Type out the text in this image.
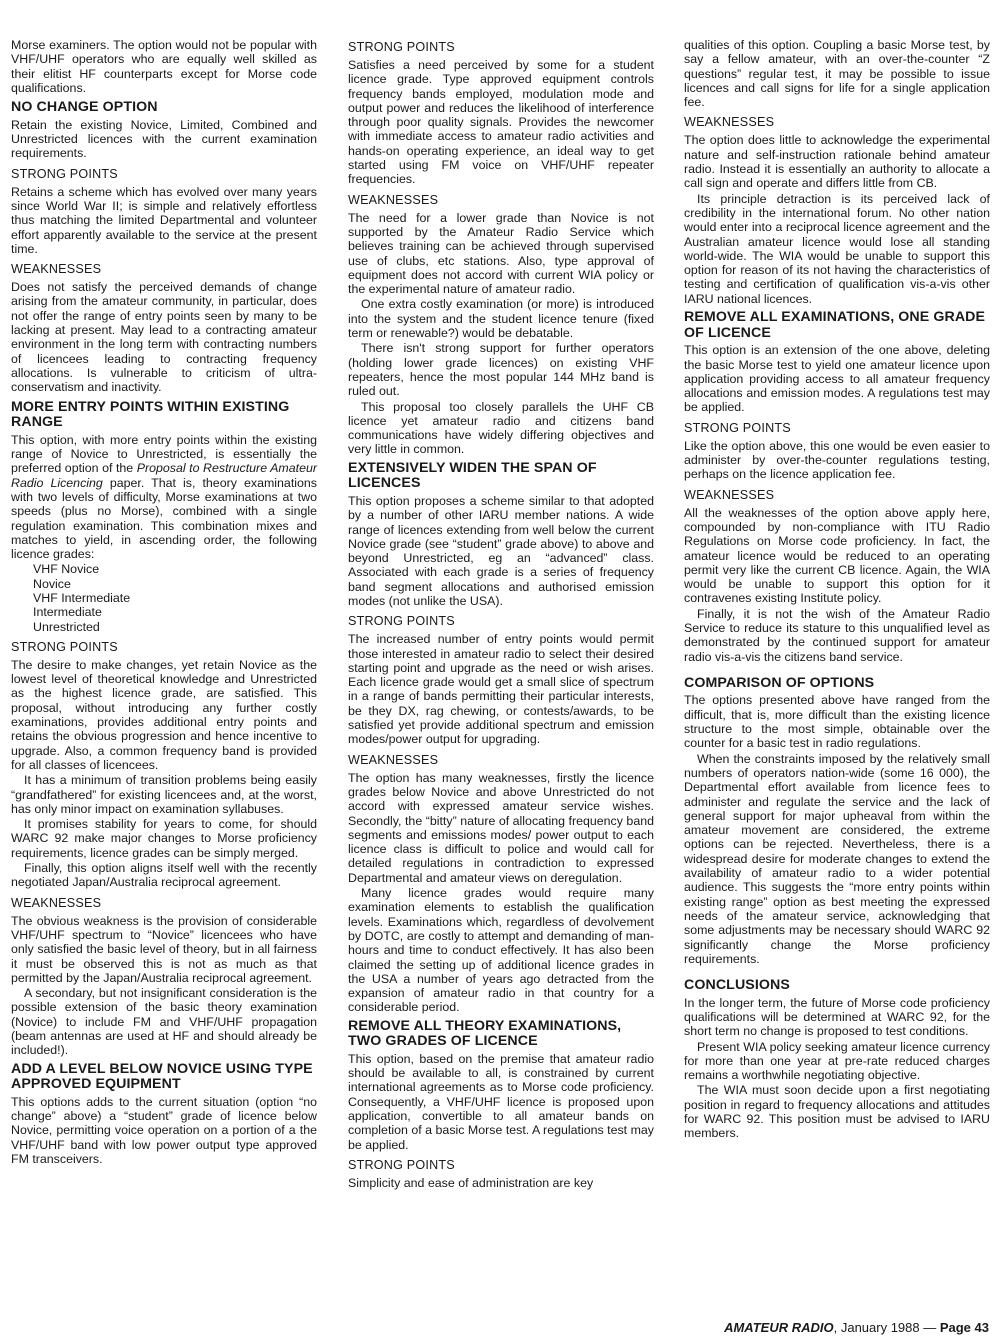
Morse examiners. The option would not be popular with VHF/UHF operators who are equally well skilled as their elitist HF counterparts except for Morse code qualifications.

NO CHANGE OPTION

Retain the existing Novice, Limited, Combined and Unrestricted licences with the current examination requirements.

STRONG POINTS

Retains a scheme which has evolved over many years since World War II; is simple and relatively effortless thus matching the limited Departmental and volunteer effort apparently available to the service at the present time.

WEAKNESSES

Does not satisfy the perceived demands of change arising from the amateur community, in particular, does not offer the range of entry points seen by many to be lacking at present. May lead to a contracting amateur environment in the long term with contracting numbers of licencees leading to contracting frequency allocations. Is vulnerable to criticism of ultra-conservatism and inactivity.

MORE ENTRY POINTS WITHIN EXISTING RANGE

This option, with more entry points within the existing range of Novice to Unrestricted, is essentially the preferred option of the Proposal to Restructure Amateur Radio Licencing paper. That is, theory examinations with two levels of difficulty, Morse examinations at two speeds (plus no Morse), combined with a single regulation examination. This combination mixes and matches to yield, in ascending order, the following licence grades:

VHF Novice
Novice
VHF Intermediate
Intermediate
Unrestricted
STRONG POINTS

The desire to make changes, yet retain Novice as the lowest level of theoretical knowledge and Unrestricted as the highest licence grade, are satisfied. This proposal, without introducing any further costly examinations, provides additional entry points and retains the obvious progression and hence incentive to upgrade. Also, a common frequency band is provided for all classes of licencees.

It has a minimum of transition problems being easily “grandfathered” for existing licencees and, at the worst, has only minor impact on examination syllabuses.

It promises stability for years to come, for should WARC 92 make major changes to Morse proficiency requirements, licence grades can be simply merged.

Finally, this option aligns itself well with the recently negotiated Japan/Australia reciprocal agreement.

WEAKNESSES

The obvious weakness is the provision of considerable VHF/UHF spectrum to “Novice” licencees who have only satisfied the basic level of theory, but in all fairness it must be observed this is not as much as that permitted by the Japan/Australia reciprocal agreement.

A secondary, but not insignificant consideration is the possible extension of the basic theory examination (Novice) to include FM and VHF/UHF propagation (beam antennas are used at HF and should already be included!).

ADD A LEVEL BELOW NOVICE USING TYPE APPROVED EQUIPMENT

This options adds to the current situation (option “no change” above) a “student” grade of licence below Novice, permitting voice operation on a portion of a the VHF/UHF band with low power output type approved FM transceivers.

STRONG POINTS

Satisfies a need perceived by some for a student licence grade. Type approved equipment controls frequency bands employed, modulation mode and output power and reduces the likelihood of interference through poor quality signals. Provides the newcomer with immediate access to amateur radio activities and hands-on operating experience, an ideal way to get started using FM voice on VHF/UHF repeater frequencies.

WEAKNESSES

The need for a lower grade than Novice is not supported by the Amateur Radio Service which believes training can be achieved through supervised use of clubs, etc stations. Also, type approval of equipment does not accord with current WIA policy or the experimental nature of amateur radio.

One extra costly examination (or more) is introduced into the system and the student licence tenure (fixed term or renewable?) would be debatable.

There isn't strong support for further operators (holding lower grade licences) on existing VHF repeaters, hence the most popular 144 MHz band is ruled out.

This proposal too closely parallels the UHF CB licence yet amateur radio and citizens band communications have widely differing objectives and very little in common.

EXTENSIVELY WIDEN THE SPAN OF LICENCES

This option proposes a scheme similar to that adopted by a number of other IARU member nations. A wide range of licences extending from well below the current Novice grade (see “student” grade above) to above and beyond Unrestricted, eg an “advanced” class. Associated with each grade is a series of frequency band segment allocations and authorised emission modes (not unlike the USA).

STRONG POINTS

The increased number of entry points would permit those interested in amateur radio to select their desired starting point and upgrade as the need or wish arises. Each licence grade would get a small slice of spectrum in a range of bands permitting their particular interests, be they DX, rag chewing, or contests/awards, to be satisfied yet provide additional spectrum and emission modes/power output for upgrading.

WEAKNESSES

The option has many weaknesses, firstly the licence grades below Novice and above Unrestricted do not accord with expressed amateur service wishes. Secondly, the “bitty” nature of allocating frequency band segments and emissions modes/ power output to each licence class is difficult to police and would call for detailed regulations in contradiction to expressed Departmental and amateur views on deregulation.

Many licence grades would require many examination elements to establish the qualification levels. Examinations which, regardless of devolvement by DOTC, are costly to attempt and demanding of man-hours and time to conduct effectively. It has also been claimed the setting up of additional licence grades in the USA a number of years ago detracted from the expansion of amateur radio in that country for a considerable period.

REMOVE ALL THEORY EXAMINATIONS, TWO GRADES OF LICENCE

This option, based on the premise that amateur radio should be available to all, is constrained by current international agreements as to Morse code proficiency. Consequently, a VHF/UHF licence is proposed upon application, convertible to all amateur bands on completion of a basic Morse test. A regulations test may be applied.

STRONG POINTS

Simplicity and ease of administration are key

qualities of this option. Coupling a basic Morse test, by say a fellow amateur, with an over-the-counter “Z questions” regular test, it may be possible to issue licences and call signs for life for a single application fee.

WEAKNESSES

The option does little to acknowledge the experimental nature and self-instruction rationale behind amateur radio. Instead it is essentially an authority to allocate a call sign and operate and differs little from CB.

Its principle detraction is its perceived lack of credibility in the international forum. No other nation would enter into a reciprocal licence agreement and the Australian amateur licence would lose all standing world-wide. The WIA would be unable to support this option for reason of its not having the characteristics of testing and certification of qualification vis-a-vis other IARU national licences.

REMOVE ALL EXAMINATIONS, ONE GRADE OF LICENCE

This option is an extension of the one above, deleting the basic Morse test to yield one amateur licence upon application providing access to all amateur frequency allocations and emission modes. A regulations test may be applied.

STRONG POINTS

Like the option above, this one would be even easier to administer by over-the-counter regulations testing, perhaps on the licence application fee.

WEAKNESSES

All the weaknesses of the option above apply here, compounded by non-compliance with ITU Radio Regulations on Morse code proficiency. In fact, the amateur licence would be reduced to an operating permit very like the current CB licence. Again, the WIA would be unable to support this option for it contravenes existing Institute policy.

Finally, it is not the wish of the Amateur Radio Service to reduce its stature to this unqualified level as demonstrated by the continued support for amateur radio vis-a-vis the citizens band service.

COMPARISON OF OPTIONS

The options presented above have ranged from the difficult, that is, more difficult than the existing licence structure to the most simple, obtainable over the counter for a basic test in radio regulations.

When the constraints imposed by the relatively small numbers of operators nation-wide (some 16 000), the Departmental effort available from licence fees to administer and regulate the service and the lack of general support for major upheaval from within the amateur movement are considered, the extreme options can be rejected. Nevertheless, there is a widespread desire for moderate changes to extend the availability of amateur radio to a wider potential audience. This suggests the “more entry points within existing range” option as best meeting the expressed needs of the amateur service, acknowledging that some adjustments may be necessary should WARC 92 significantly change the Morse proficiency requirements.

CONCLUSIONS

In the longer term, the future of Morse code proficiency qualifications will be determined at WARC 92, for the short term no change is proposed to test conditions.

Present WIA policy seeking amateur licence currency for more than one year at pre-rate reduced charges remains a worthwhile negotiating objective.

The WIA must soon decide upon a first negotiating position in regard to frequency allocations and attitudes for WARC 92. This position must be advised to IARU members.

AMATEUR RADIO, January 1988 — Page 43
